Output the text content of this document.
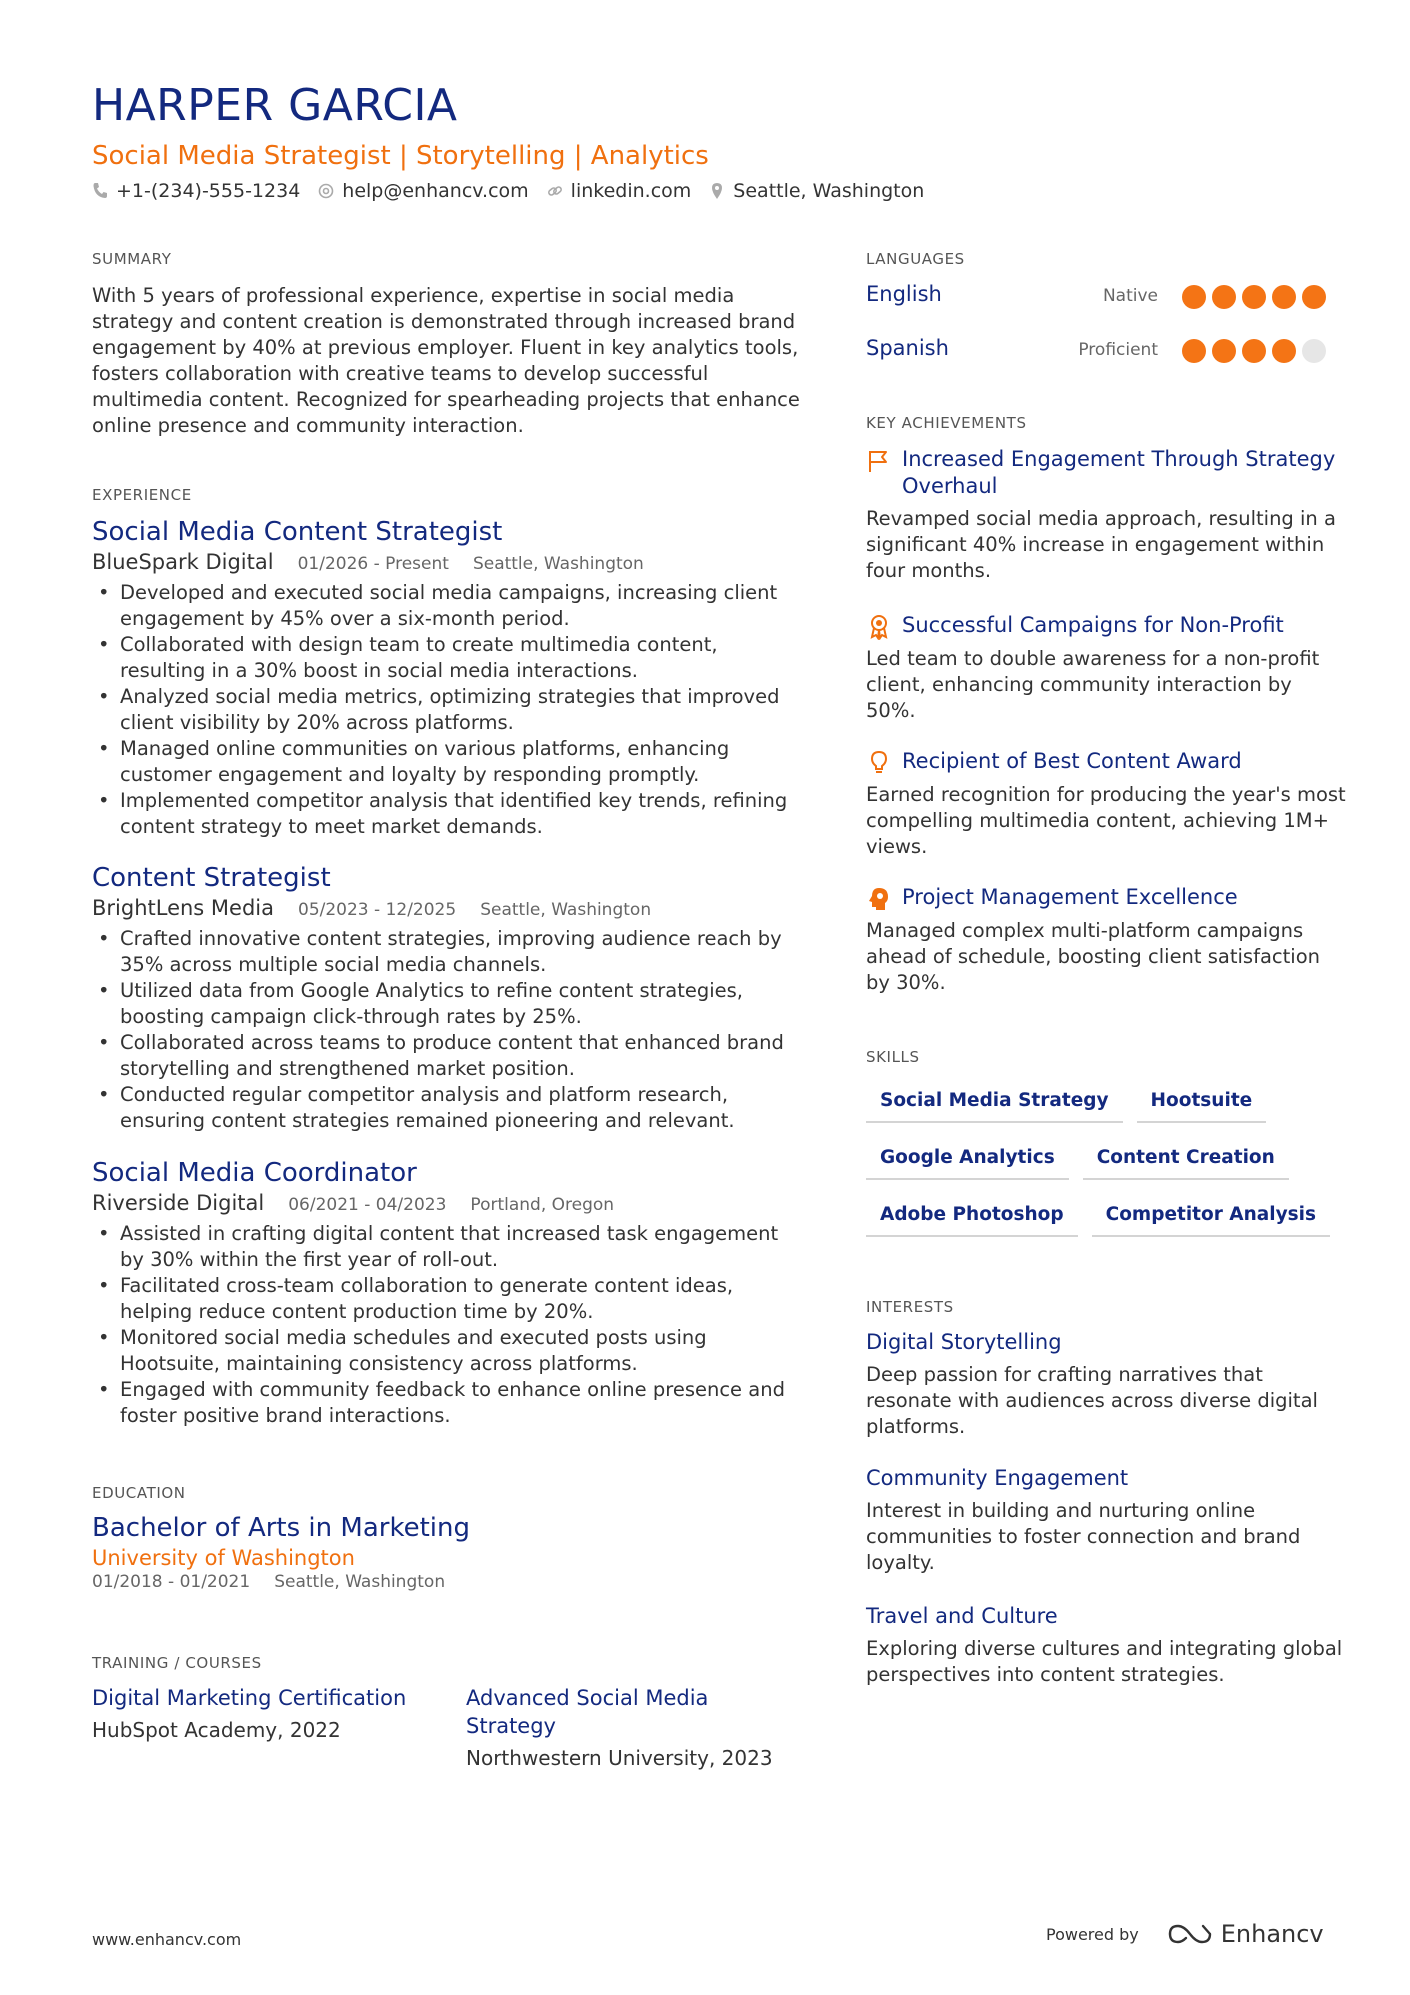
HARPER GARCIA
Social Media Strategist | Storytelling | Analytics
+1-(234)-555-1234 help@enhancv.com linkedin.com Seattle, Washington
SUMMARY
With 5 years of professional experience, expertise in social media strategy and content creation is demonstrated through increased brand engagement by 40% at previous employer. Fluent in key analytics tools, fosters collaboration with creative teams to develop successful multimedia content. Recognized for spearheading projects that enhance online presence and community interaction.
EXPERIENCE
Social Media Content Strategist
BlueSpark Digital 01/2026 - Present Seattle, Washington
• Developed and executed social media campaigns, increasing client engagement by 45% over a six-month period.
• Collaborated with design team to create multimedia content, resulting in a 30% boost in social media interactions.
• Analyzed social media metrics, optimizing strategies that improved client visibility by 20% across platforms.
• Managed online communities on various platforms, enhancing customer engagement and loyalty by responding promptly.
• Implemented competitor analysis that identified key trends, refining content strategy to meet market demands.
Content Strategist
BrightLens Media 05/2023 - 12/2025 Seattle, Washington
• Crafted innovative content strategies, improving audience reach by 35% across multiple social media channels.
• Utilized data from Google Analytics to refine content strategies, boosting campaign click-through rates by 25%.
• Collaborated across teams to produce content that enhanced brand storytelling and strengthened market position.
• Conducted regular competitor analysis and platform research, ensuring content strategies remained pioneering and relevant.
Social Media Coordinator
Riverside Digital 06/2021 - 04/2023 Portland, Oregon
• Assisted in crafting digital content that increased task engagement by 30% within the first year of roll-out.
• Facilitated cross-team collaboration to generate content ideas, helping reduce content production time by 20%.
• Monitored social media schedules and executed posts using Hootsuite, maintaining consistency across platforms.
• Engaged with community feedback to enhance online presence and foster positive brand interactions.
EDUCATION
Bachelor of Arts in Marketing
University of Washington
01/2018 - 01/2021 Seattle, Washington
TRAINING / COURSES
Digital Marketing Certification
HubSpot Academy, 2022
Advanced Social Media Strategy
Northwestern University, 2023
LANGUAGES
English	Native
Spanish	Proficient
KEY ACHIEVEMENTS
Increased Engagement Through Strategy Overhaul
Revamped social media approach, resulting in a significant 40% increase in engagement within four months.
Successful Campaigns for Non-Profit
Led team to double awareness for a non-profit client, enhancing community interaction by 50%.
Recipient of Best Content Award
Earned recognition for producing the year's most compelling multimedia content, achieving 1M+ views.
Project Management Excellence
Managed complex multi-platform campaigns ahead of schedule, boosting client satisfaction by 30%.
SKILLS
Social Media Strategy	Hootsuite
Google Analytics	Content Creation
Adobe Photoshop	Competitor Analysis
INTERESTS
Digital Storytelling
Deep passion for crafting narratives that resonate with audiences across diverse digital platforms.
Community Engagement
Interest in building and nurturing online communities to foster connection and brand loyalty.
Travel and Culture
Exploring diverse cultures and integrating global perspectives into content strategies.
www.enhancv.com	Powered by	Enhancv
